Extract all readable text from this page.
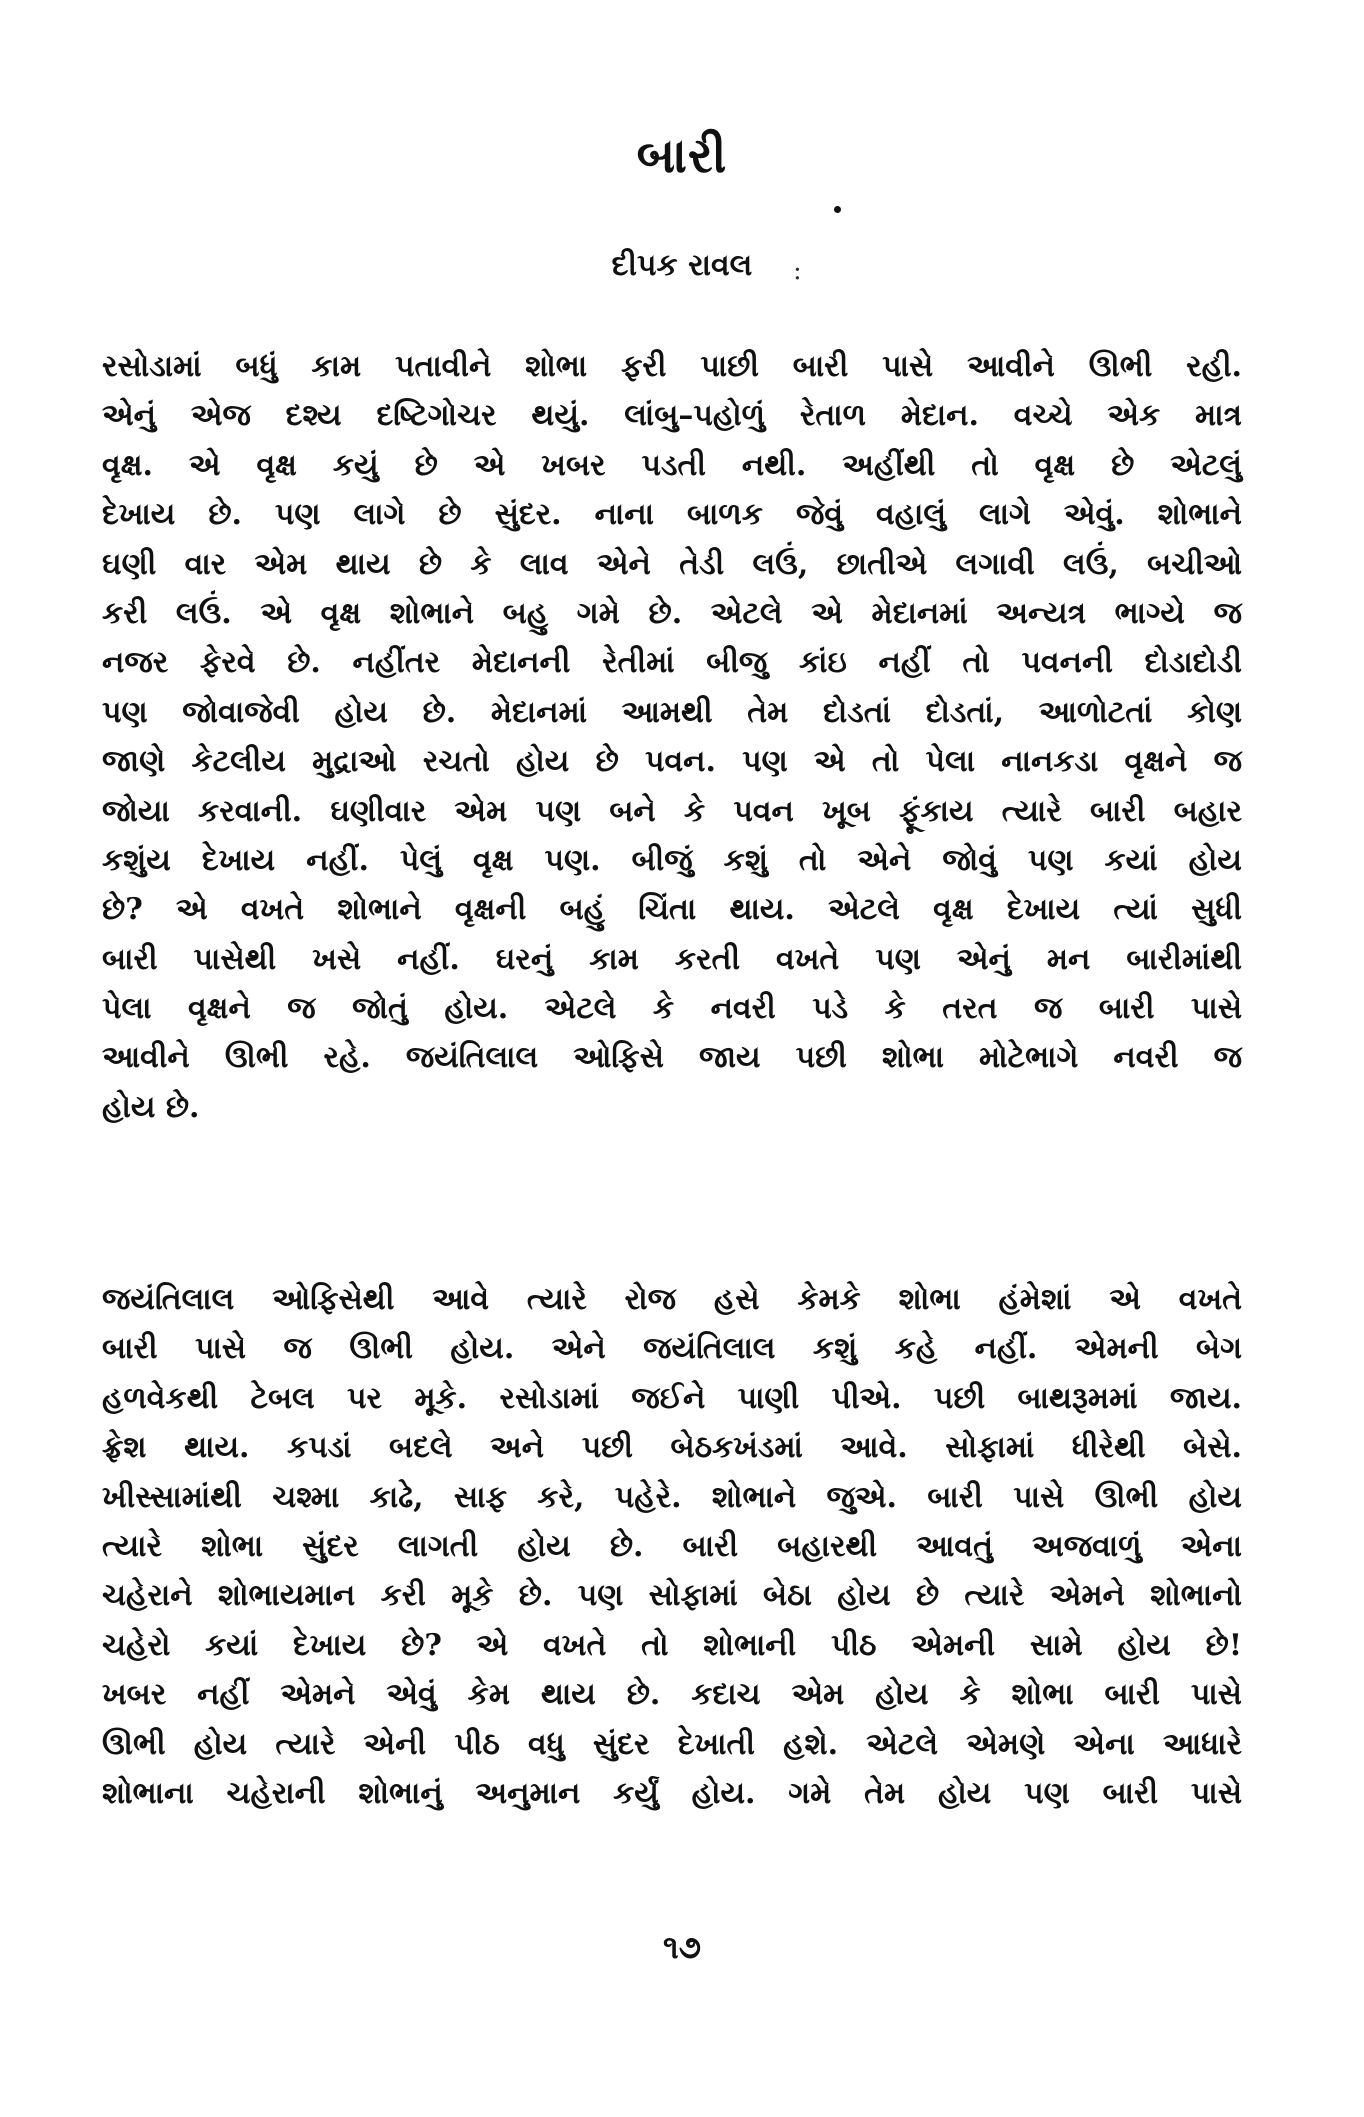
બારી
દીપક રાવલ	:
રસોડામાં બધું કામ પતાવીને શોભા ફરી પાછી બારી પાસે આવીને ઊભી રહી.
એનું એજ દશ્ય દષ્ટિગોચર થયું. લાંબુ–પહોળું રેતાળ મેદાન. વચ્ચે એક માત્ર
વૃક્ષ. એ વૃક્ષ કયું છે એ ખબર પડતી નથી. અહીંથી તો વૃક્ષ છે એટલું
દેખાય છે. પણ લાગે છે સુંદર. નાના બાળક જેવું વહાલું લાગે એવું. શોભાને
ઘણી વાર એમ થાય છે કે લાવ એને તેડી લઉં, છાતીએ લગાવી લઉં, બચીઓ
કરી લઉં. એ વૃક્ષ શોભાને બહુ ગમે છે. એટલે એ મેદાનમાં અન્યત્ર ભાગ્યે જ
નજર ફેરવે છે. નહીંતર મેદાનની રેતીમાં બીજુ કાંઇ નહીં તો પવનની દોડાદોડી
પણ જોવાજેવી હોય છે. મેદાનમાં આમથી તેમ દોડતાં દોડતાં, આળોટતાં કોણ
જાણે કેટલીય મુદ્રાઓ રચતો હોય છે પવન. પણ એ તો પેલા નાનકડા વૃક્ષને જ
જોયા કરવાની. ઘણીવાર એમ પણ બને કે પવન ખૂબ ફૂંકાય ત્યારે બારી બહાર
કશુંય દેખાય નહીં. પેલું વૃક્ષ પણ. બીજું કશું તો એને જોવું પણ કયાં હોય
છે? એ વખતે શોભાને વૃક્ષની બહું ચિંતા થાય. એટલે વૃક્ષ દેખાય ત્યાં સુધી
બારી પાસેથી ખસે નહીં. ઘરનું કામ કરતી વખતે પણ એનું મન બારીમાંથી
પેલા વૃક્ષને જ જોતું હોય. એટલે કે નવરી પડે કે તરત જ બારી પાસે
આવીને ઊભી રહે. જયંતિલાલ ઓફિસે જાય પછી શોભા મોટેભાગે નવરી જ
હોય છે.
જયંતિલાલ ઓફિસેથી આવે ત્યારે રોજ હસે કેમકે શોભા હંમેશાં એ વખતે
બારી પાસે જ ઊભી હોય. એને જયંતિલાલ કશું કહે નહીં. એમની બેગ
હળવેકથી ટેબલ પર મૂકે. રસોડામાં જઈને પાણી પીએ. પછી બાથરૂમમાં જાય.
ફ્રેશ થાય. કપડાં બદલે અને પછી બેઠકખંડમાં આવે. સોફામાં ધીરેથી બેસે.
ખીસ્સામાંથી ચશ્મા કાઢે, સાફ કરે, પહેરે. શોભાને જુએ. બારી પાસે ઊભી હોય
ત્યારે શોભા સુંદર લાગતી હોય છે. બારી બહારથી આવતું અજવાળું એના
ચહેરાને શોભાયમાન કરી મૂકે છે. પણ સોફામાં બેઠા હોય છે ત્યારે એમને શોભાનો
ચહેરો કયાં દેખાય છે? એ વખતે તો શોભાની પીઠ એમની સામે હોય છે!
ખબર નહીં એમને એવું કેમ થાય છે. કદાચ એમ હોય કે શોભા બારી પાસે
ઊભી હોય ત્યારે એની પીઠ વધુ સુંદર દેખાતી હશે. એટલે એમણે એના આધારે
શોભાના ચહેરાની શોભાનું અનુમાન કર્યું હોય. ગમે તેમ હોય પણ બારી પાસે
૧૭
